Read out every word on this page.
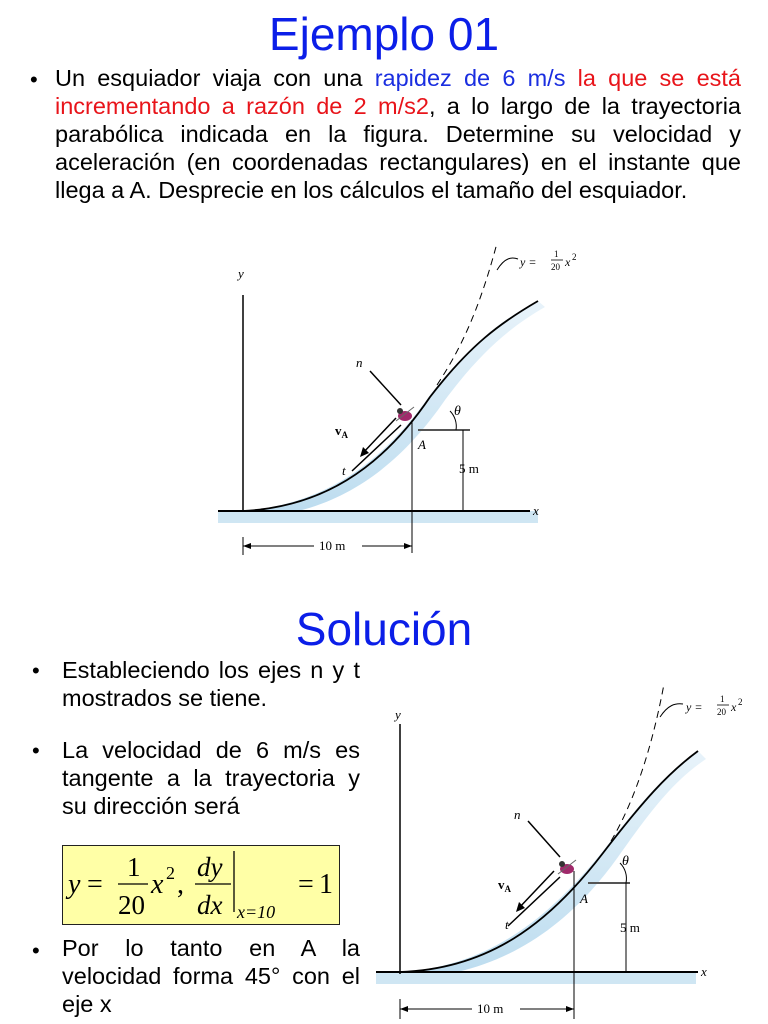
Ejemplo 01
• Un esquiador viaja con una rapidez de 6 m/s la que se está incrementando a razón de 2 m/s2, a lo largo de la trayectoria parabólica indicada en la figura. Determine su velocidad y aceleración (en coordenadas rectangulares) en el instante que llega a A. Desprecie en los cálculos el tamaño del esquiador.
y
x
y =
1
20 x 2
θ
A
5 m
10 m
n
$v_A$
t
Solución
• Estableciendo los ejes n y t mostrados se tiene.
• La velocidad de 6 m/s es tangente a la trayectoria y su dirección será
y =
1
20
x 2 ,
dy
dx x=10
= 1
• Por lo tanto en A la velocidad forma 45° con el eje x
y
x
y =
1
20 x 2
θ
A
5 m
10 m
n
$v_A$
t
